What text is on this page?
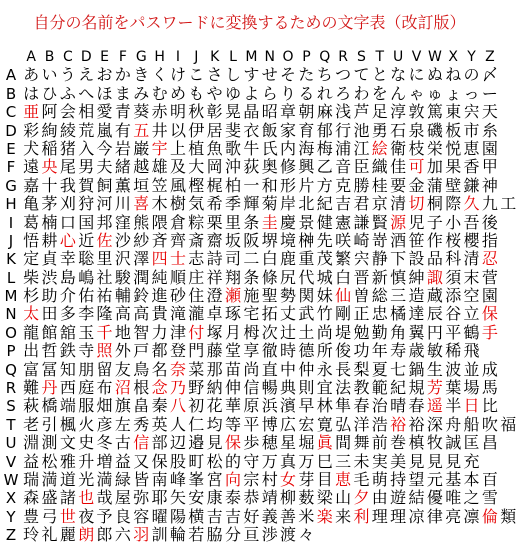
自分の名前をパスワードに変換するための文字表（改訂版）
A B C D E F G H I	J K L M N O P Q R S T U V W X Y Z
A あ い う え お か き く け こ さ し す せ そ た ち つ て と な に ぬ ね の 〆
B は ひ ふ へ ほ ま み む め も や ゆ よ ら り る れ ろ わ を ん ゃ ゅ ょ っ ー
C 亜 阿 会 相 愛 青 葵 赤 明 秋 彰 晃 晶 昭 章 朝 麻 浅 芦 足 淳 敦 篤 東 宍 天
D 彩 絢 綾 荒 嵐 有 五 井 以 伊 居 斐 衣 飯 家 育 郁 行 池 勇 石 泉 磯 板 市 糸
E 犬 稲 猪 入 今 岩 巌 宇 上 植 魚 歌 牛 氏 内 海 梅 浦 江 絵 衛 枝 栄 悦 恵 園
F 遠 央 尾 男 夫 緒 越 雄 及 大 岡 沖 荻 奥 修 興 乙 音 臣 織 佳 可 加 果 香 甲
G 嘉 十 我 賀 飼 薫 垣 笠 風 樫 梶 柏 一 和 形 片 方 克 勝 桂 要 金 蒲 壁 鎌 神
H 亀 茅 刈 狩 河 川 喜 木 樹 気 希 季 輝 菊 岸 北 紀 吉 君 京 清 切 桐 際 久 九 工
I 葛 楠 口 国 邦 窪 熊 隈 倉 粽 栗 里 条 圭 慶 景 健 憲 謙 賢 源 児 子 小 吾 後
J 悟 耕 心 近 佐 沙 紗 斉 齊 斎 齋 坂 阪 堺 境 榊 先 咲 崎 嵜 酒 笹 作 桜 櫻 指
K 定 貞 幸 聡 里 沢 澤 四 士 志 詩 司 二 白 鹿 重 茂 繁 宍 静 下 設 品 科 清 忍
L 柴 渋 島 嶋 社 駿 潤 純 順 庄 祥 翔 条 條 尻 代 城 白 晋 新 慎 紳 諏 須 末 菅
M 杉 助 介 佑 祐 輔 鈴 進 砂 住 澄 瀬 施 聖 勢 関 妹 仙 曽 総 三 造 蔵 添 空 園
N 太 田 多 李 隆 高 高 貴 滝 瀧 卓 琢 宅 拓 丈 武 竹 剛 正 忠 橘 達 辰 谷 立 保
O 龍 館 舘 玉 千 地 智 力 津 付 塚 月 栂 次 辻 土 尚 堤 勉 勤 角 翼 円 平 鶴 手
P 出 哲 鉄 寺 照 外 戸 都 登 門 藤 堂 享 徹 時 德 所 俊 功 年 寿 歳 敏 稀 飛
Q 富 冨 知 朋 留 友 鳥 名 奈 菜 那 苗 尚 直 中 仲 永 長 梨 夏 七 鍋 生 波 並 成
R 難 丹 西 庭 布 沼 根 念 乃 野 納 伸 信 暢 典 則 宜 法 教 範 紀 規 芳 葉 場 馬
S 萩 橋 端 服 畑 旗 畠 秦 八 初 花 華 原 浜 濱 早 林 隼 春 治 晴 春 遥 半 日 比
T 老 引 楓 火 彦 左 秀 英 人 仁 均 等 平 博 広 宏 寛 弘 洋 浩 裕 裕 深 舟 船 吹 福
U 淵 測 文 史 冬 古 信 部 辺 邉 見 保 歩 穂 星 堀 眞 間 舞 前 巻 槙 牧 誠 匡 昌
V 益 松 雅 升 増 益 又 保 股 町 松 的 守 万 真 万 巳 三 未 実 美 見 見 見 充
W 瑞 満 道 光 満 緑 皆 南 峰 峯 宮 向 宗 村 女 芽 目 恵 毛 萌 持 望 元 基 本 百
X 森 盛 諸 也 哉 屋 弥 耶 矢 安 康 泰 恭 靖 柳 薮 梁 山 夕 由 遊 結 優 唯 之 雪
Y 豊 弓 世 夜 予 良 容 曜 陽 横 吉 吉 好 義 善 米 楽 来 利 理 理 凉 律 亮 凛 倫 類
Z 玲 礼 麗 朗 郎 六 羽 訓 輪 若 脇 分 亘 渉 渡 々
